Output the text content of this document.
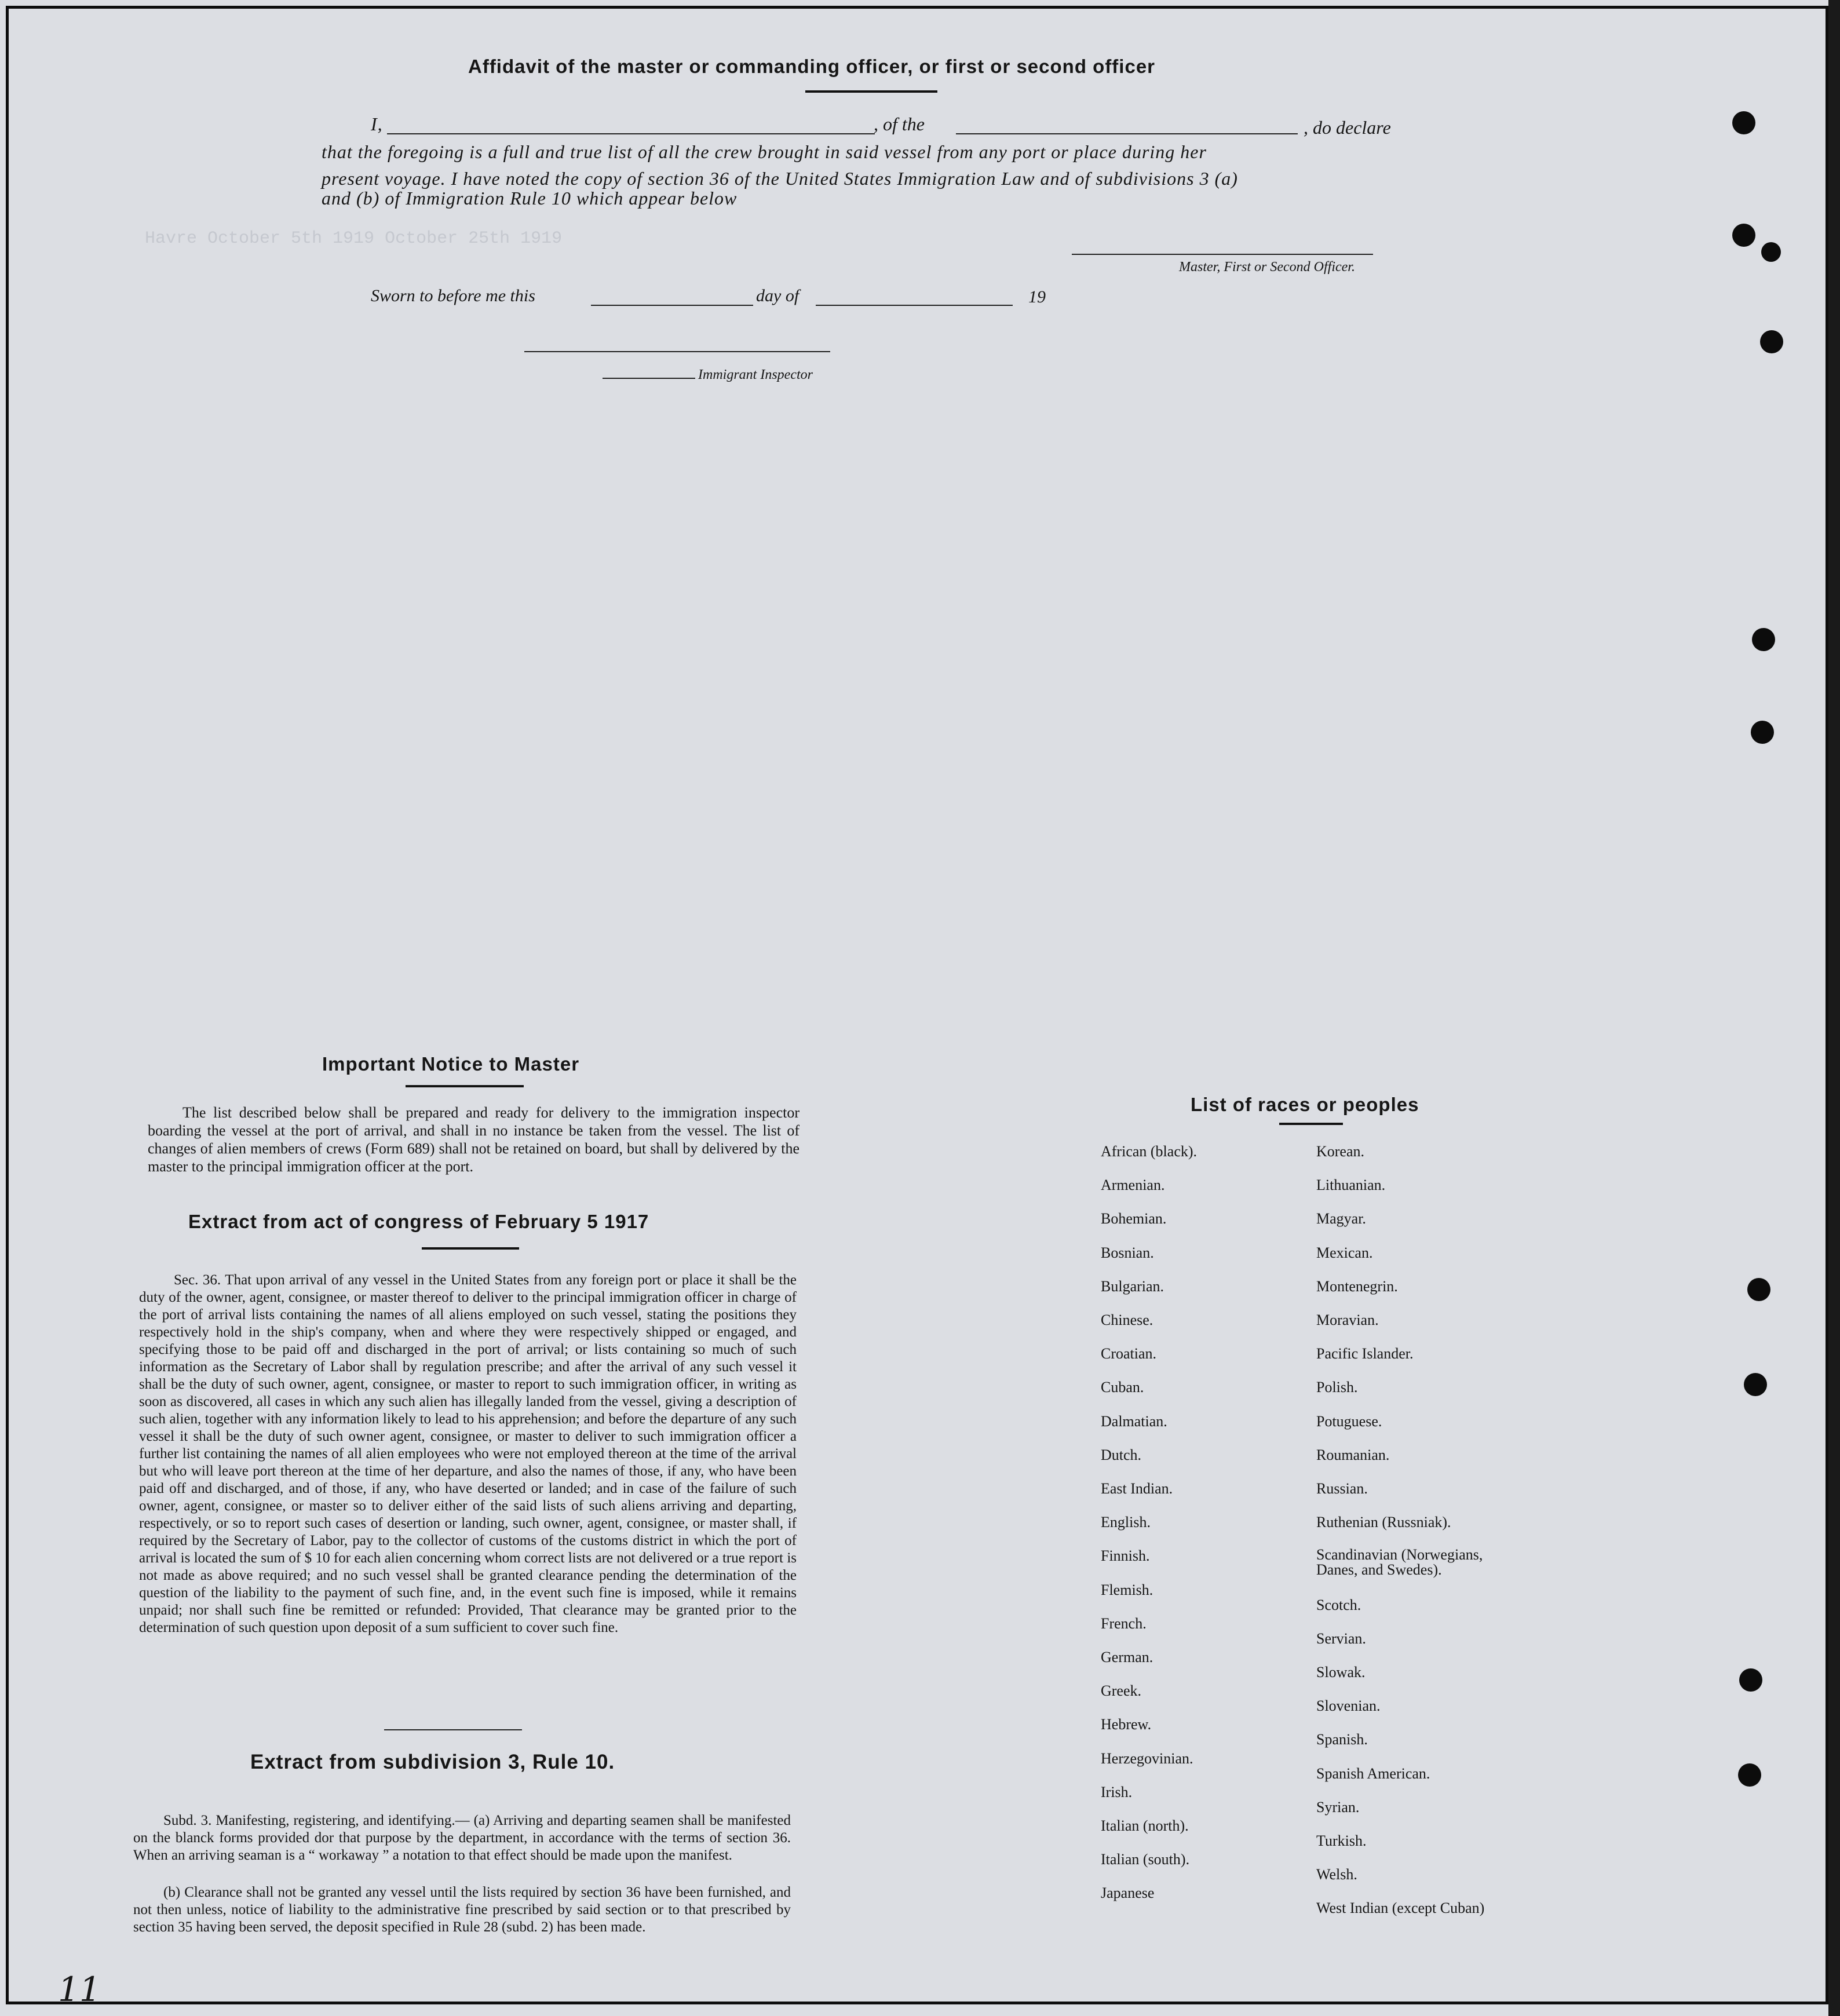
Havre October 5th 1919 October 25th 1919
Affidavit of the master or commanding officer, or first or second officer
I,	, of the	, do declare
that the foregoing is a full and true list of all the crew brought in said vessel from any port or place during her
present voyage. I have noted the copy of section 36 of the United States Immigration Law and of subdivisions 3 (a)
and (b) of Immigration Rule 10 which appear below
Master, First or Second Officer.
Sworn to before me this	day of	19
Immigrant Inspector
Important Notice to Master
The list described below shall be prepared and ready for delivery to the immigration inspector boarding the vessel at the port of arrival, and shall in no instance be taken from the vessel. The list of changes of alien members of crews (Form 689) shall not be retained on board, but shall by delivered by the master to the principal immigration officer at the port.
Extract from act of congress of February 5 1917
Sec. 36. That upon arrival of any vessel in the United States from any foreign port or place it shall be the duty of the owner, agent, consignee, or master thereof to deliver to the principal immigration officer in charge of the port of arrival lists containing the names of all aliens employed on such vessel, stating the positions they respectively hold in the ship's company, when and where they were respectively shipped or engaged, and specifying those to be paid off and discharged in the port of arrival; or lists containing so much of such information as the Secretary of Labor shall by regulation prescribe; and after the arrival of any such vessel it shall be the duty of such owner, agent, consignee, or master to report to such immigration officer, in writing as soon as discovered, all cases in which any such alien has illegally landed from the vessel, giving a description of such alien, together with any information likely to lead to his apprehension; and before the departure of any such vessel it shall be the duty of such owner agent, consignee, or master to deliver to such immigration officer a further list containing the names of all alien employees who were not employed thereon at the time of the arrival but who will leave port thereon at the time of her departure, and also the names of those, if any, who have been paid off and discharged, and of those, if any, who have deserted or landed; and in case of the failure of such owner, agent, consignee, or master so to deliver either of the said lists of such aliens arriving and departing, respectively, or so to report such cases of desertion or landing, such owner, agent, consignee, or master shall, if required by the Secretary of Labor, pay to the collector of customs of the customs district in which the port of arrival is located the sum of $ 10 for each alien concerning whom correct lists are not delivered or a true report is not made as above required; and no such vessel shall be granted clearance pending the determination of the question of the liability to the payment of such fine, and, in the event such fine is imposed, while it remains unpaid; nor shall such fine be remitted or refunded: Provided, That clearance may be granted prior to the determination of such question upon deposit of a sum sufficient to cover such fine.
Extract from subdivision 3, Rule 10.
Subd. 3. Manifesting, registering, and identifying.— (a) Arriving and departing seamen shall be manifested on the blanck forms provided dor that purpose by the department, in accordance with the terms of section 36. When an arriving seaman is a “ workaway ” a notation to that effect should be made upon the manifest.
(b) Clearance shall not be granted any vessel until the lists required by section 36 have been furnished, and not then unless, notice of liability to the administrative fine prescribed by said section or to that prescribed by section 35 having been served, the deposit specified in Rule 28 (subd. 2) has been made.
List of races or peoples
African (black).
Armenian.
Bohemian.
Bosnian.
Bulgarian.
Chinese.
Croatian.
Cuban.
Dalmatian.
Dutch.
East Indian.
English.
Finnish.
Flemish.
French.
German.
Greek.
Hebrew.
Herzegovinian.
Irish.
Italian (north).
Italian (south).
Japanese
Korean.
Lithuanian.
Magyar.
Mexican.
Montenegrin.
Moravian.
Pacific Islander.
Polish.
Potuguese.
Roumanian.
Russian.
Ruthenian (Russniak).
Scandinavian (Norwegians, Danes, and Swedes).
Scotch.
Servian.
Slowak.
Slovenian.
Spanish.
Spanish American.
Syrian.
Turkish.
Welsh.
West Indian (except Cuban)
11
